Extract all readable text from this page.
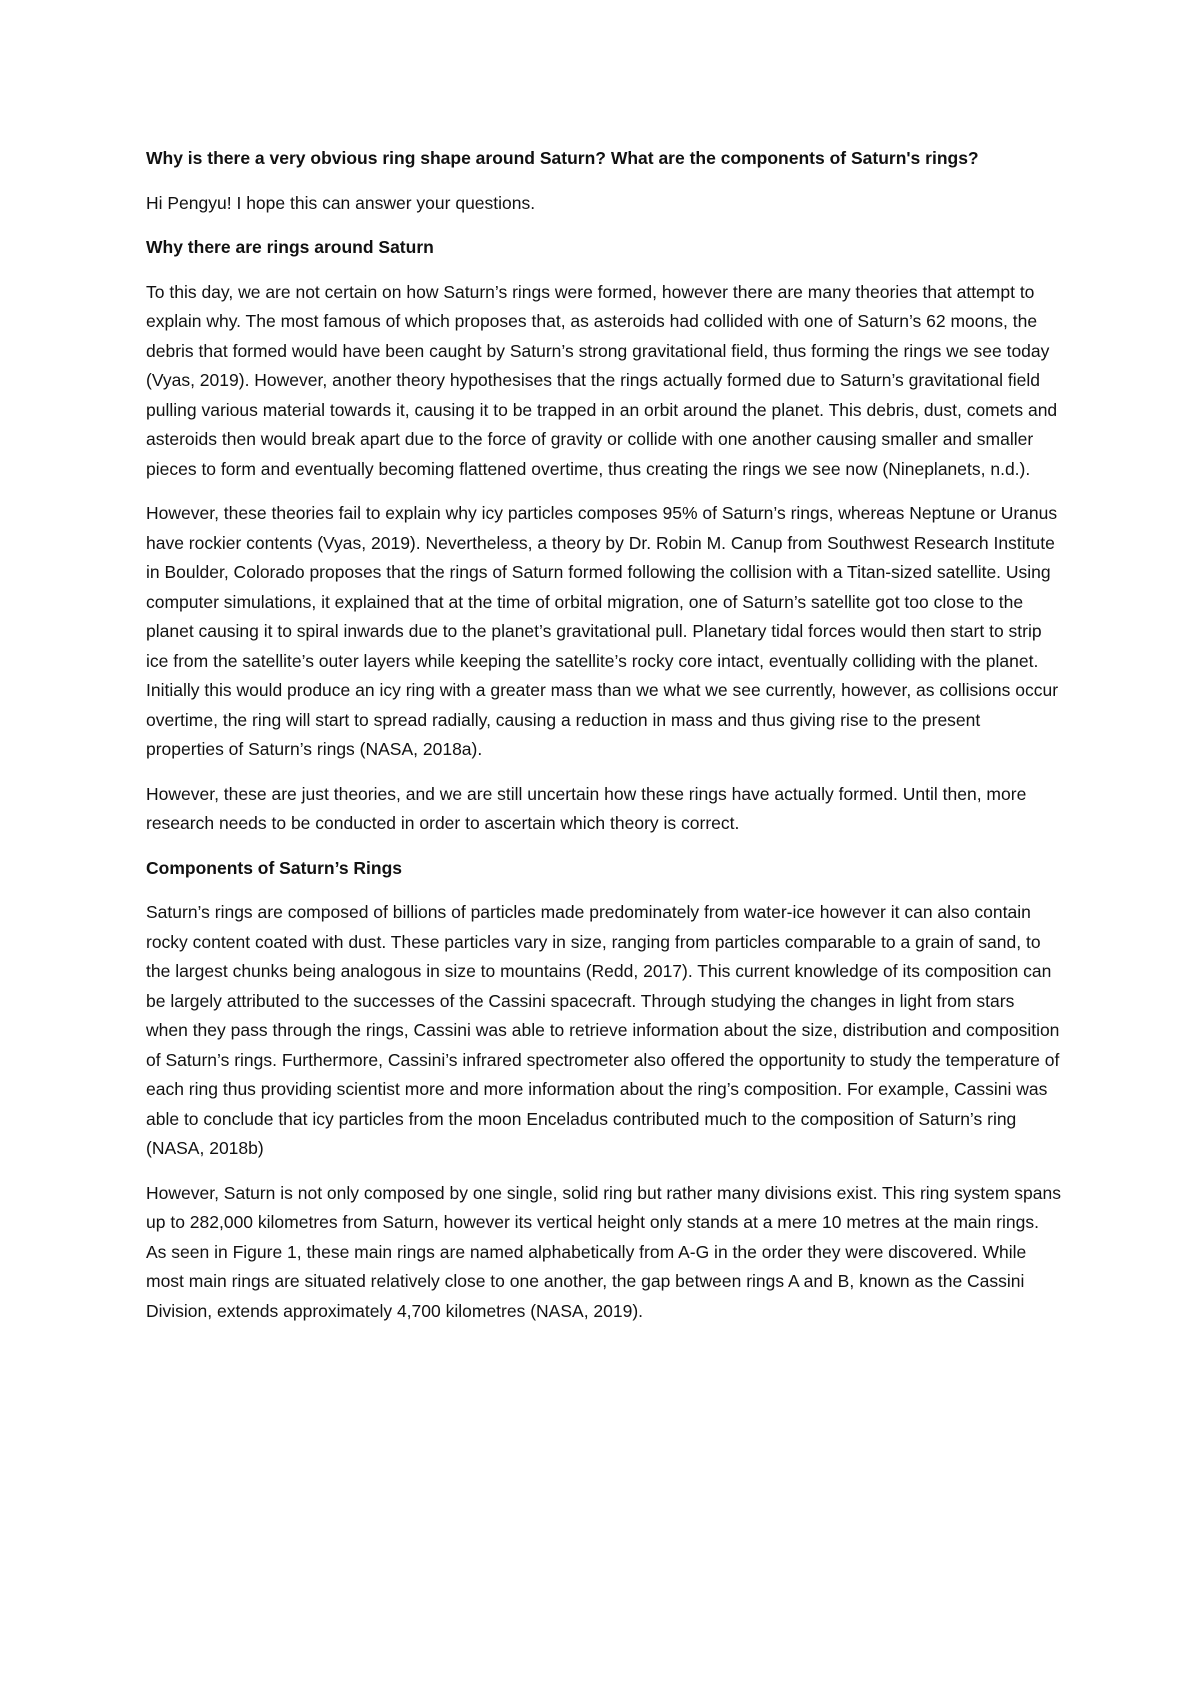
Why is there a very obvious ring shape around Saturn? What are the components of Saturn's rings?

Hi Pengyu! I hope this can answer your questions.

Why there are rings around Saturn

To this day, we are not certain on how Saturn’s rings were formed, however there are many theories that attempt to explain why. The most famous of which proposes that, as asteroids had collided with one of Saturn’s 62 moons, the debris that formed would have been caught by Saturn’s strong gravitational field, thus forming the rings we see today (Vyas, 2019). However, another theory hypothesises that the rings actually formed due to Saturn’s gravitational field pulling various material towards it, causing it to be trapped in an orbit around the planet. This debris, dust, comets and asteroids then would break apart due to the force of gravity or collide with one another causing smaller and smaller pieces to form and eventually becoming flattened overtime, thus creating the rings we see now (Nineplanets, n.d.).

However, these theories fail to explain why icy particles composes 95% of Saturn’s rings, whereas Neptune or Uranus have rockier contents (Vyas, 2019). Nevertheless, a theory by Dr. Robin M. Canup from Southwest Research Institute in Boulder, Colorado proposes that the rings of Saturn formed following the collision with a Titan-sized satellite. Using computer simulations, it explained that at the time of orbital migration, one of Saturn’s satellite got too close to the planet causing it to spiral inwards due to the planet’s gravitational pull. Planetary tidal forces would then start to strip ice from the satellite’s outer layers while keeping the satellite’s rocky core intact, eventually colliding with the planet. Initially this would produce an icy ring with a greater mass than we what we see currently, however, as collisions occur overtime, the ring will start to spread radially, causing a reduction in mass and thus giving rise to the present properties of Saturn’s rings (NASA, 2018a).

However, these are just theories, and we are still uncertain how these rings have actually formed. Until then, more research needs to be conducted in order to ascertain which theory is correct.

Components of Saturn’s Rings

Saturn’s rings are composed of billions of particles made predominately from water-ice however it can also contain rocky content coated with dust. These particles vary in size, ranging from particles comparable to a grain of sand, to the largest chunks being analogous in size to mountains (Redd, 2017). This current knowledge of its composition can be largely attributed to the successes of the Cassini spacecraft. Through studying the changes in light from stars when they pass through the rings, Cassini was able to retrieve information about the size, distribution and composition of Saturn’s rings. Furthermore, Cassini’s infrared spectrometer also offered the opportunity to study the temperature of each ring thus providing scientist more and more information about the ring’s composition. For example, Cassini was able to conclude that icy particles from the moon Enceladus contributed much to the composition of Saturn’s ring (NASA, 2018b)

However, Saturn is not only composed by one single, solid ring but rather many divisions exist. This ring system spans up to 282,000 kilometres from Saturn, however its vertical height only stands at a mere 10 metres at the main rings. As seen in Figure 1, these main rings are named alphabetically from A-G in the order they were discovered. While most main rings are situated relatively close to one another, the gap between rings A and B, known as the Cassini Division, extends approximately 4,700 kilometres (NASA, 2019).
